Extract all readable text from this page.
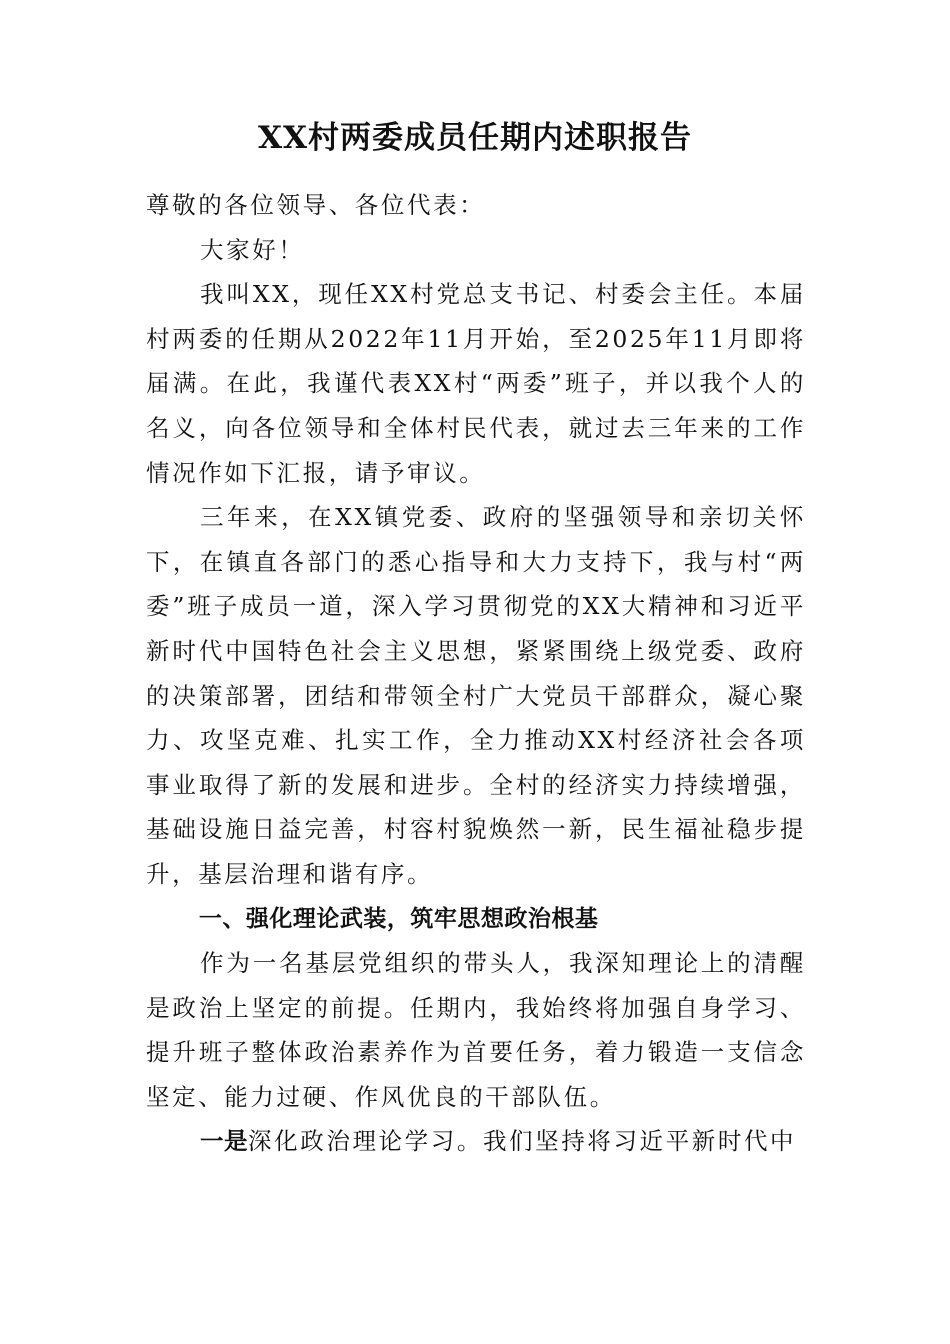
XX村两委成员任期内述职报告

尊敬的各位领导、各位代表：

大家好！

我叫XX，现任XX村党总支书记、村委会主任。本届村两委的任期从2022年11月开始，至2025年11月即将届满。在此，我谨代表XX村“两委”班子，并以我个人的名义，向各位领导和全体村民代表，就过去三年来的工作情况作如下汇报，请予审议。

三年来，在XX镇党委、政府的坚强领导和亲切关怀下，在镇直各部门的悉心指导和大力支持下，我与村“两委”班子成员一道，深入学习贯彻党的XX大精神和习近平新时代中国特色社会主义思想，紧紧围绕上级党委、政府的决策部署，团结和带领全村广大党员干部群众，凝心聚力、攻坚克难、扎实工作，全力推动XX村经济社会各项事业取得了新的发展和进步。全村的经济实力持续增强，基础设施日益完善，村容村貌焕然一新，民生福祉稳步提升，基层治理和谐有序。

一、强化理论武装，筑牢思想政治根基

作为一名基层党组织的带头人，我深知理论上的清醒是政治上坚定的前提。任期内，我始终将加强自身学习、提升班子整体政治素养作为首要任务，着力锻造一支信念坚定、能力过硬、作风优良的干部队伍。

一是深化政治理论学习。我们坚持将习近平新时代中
